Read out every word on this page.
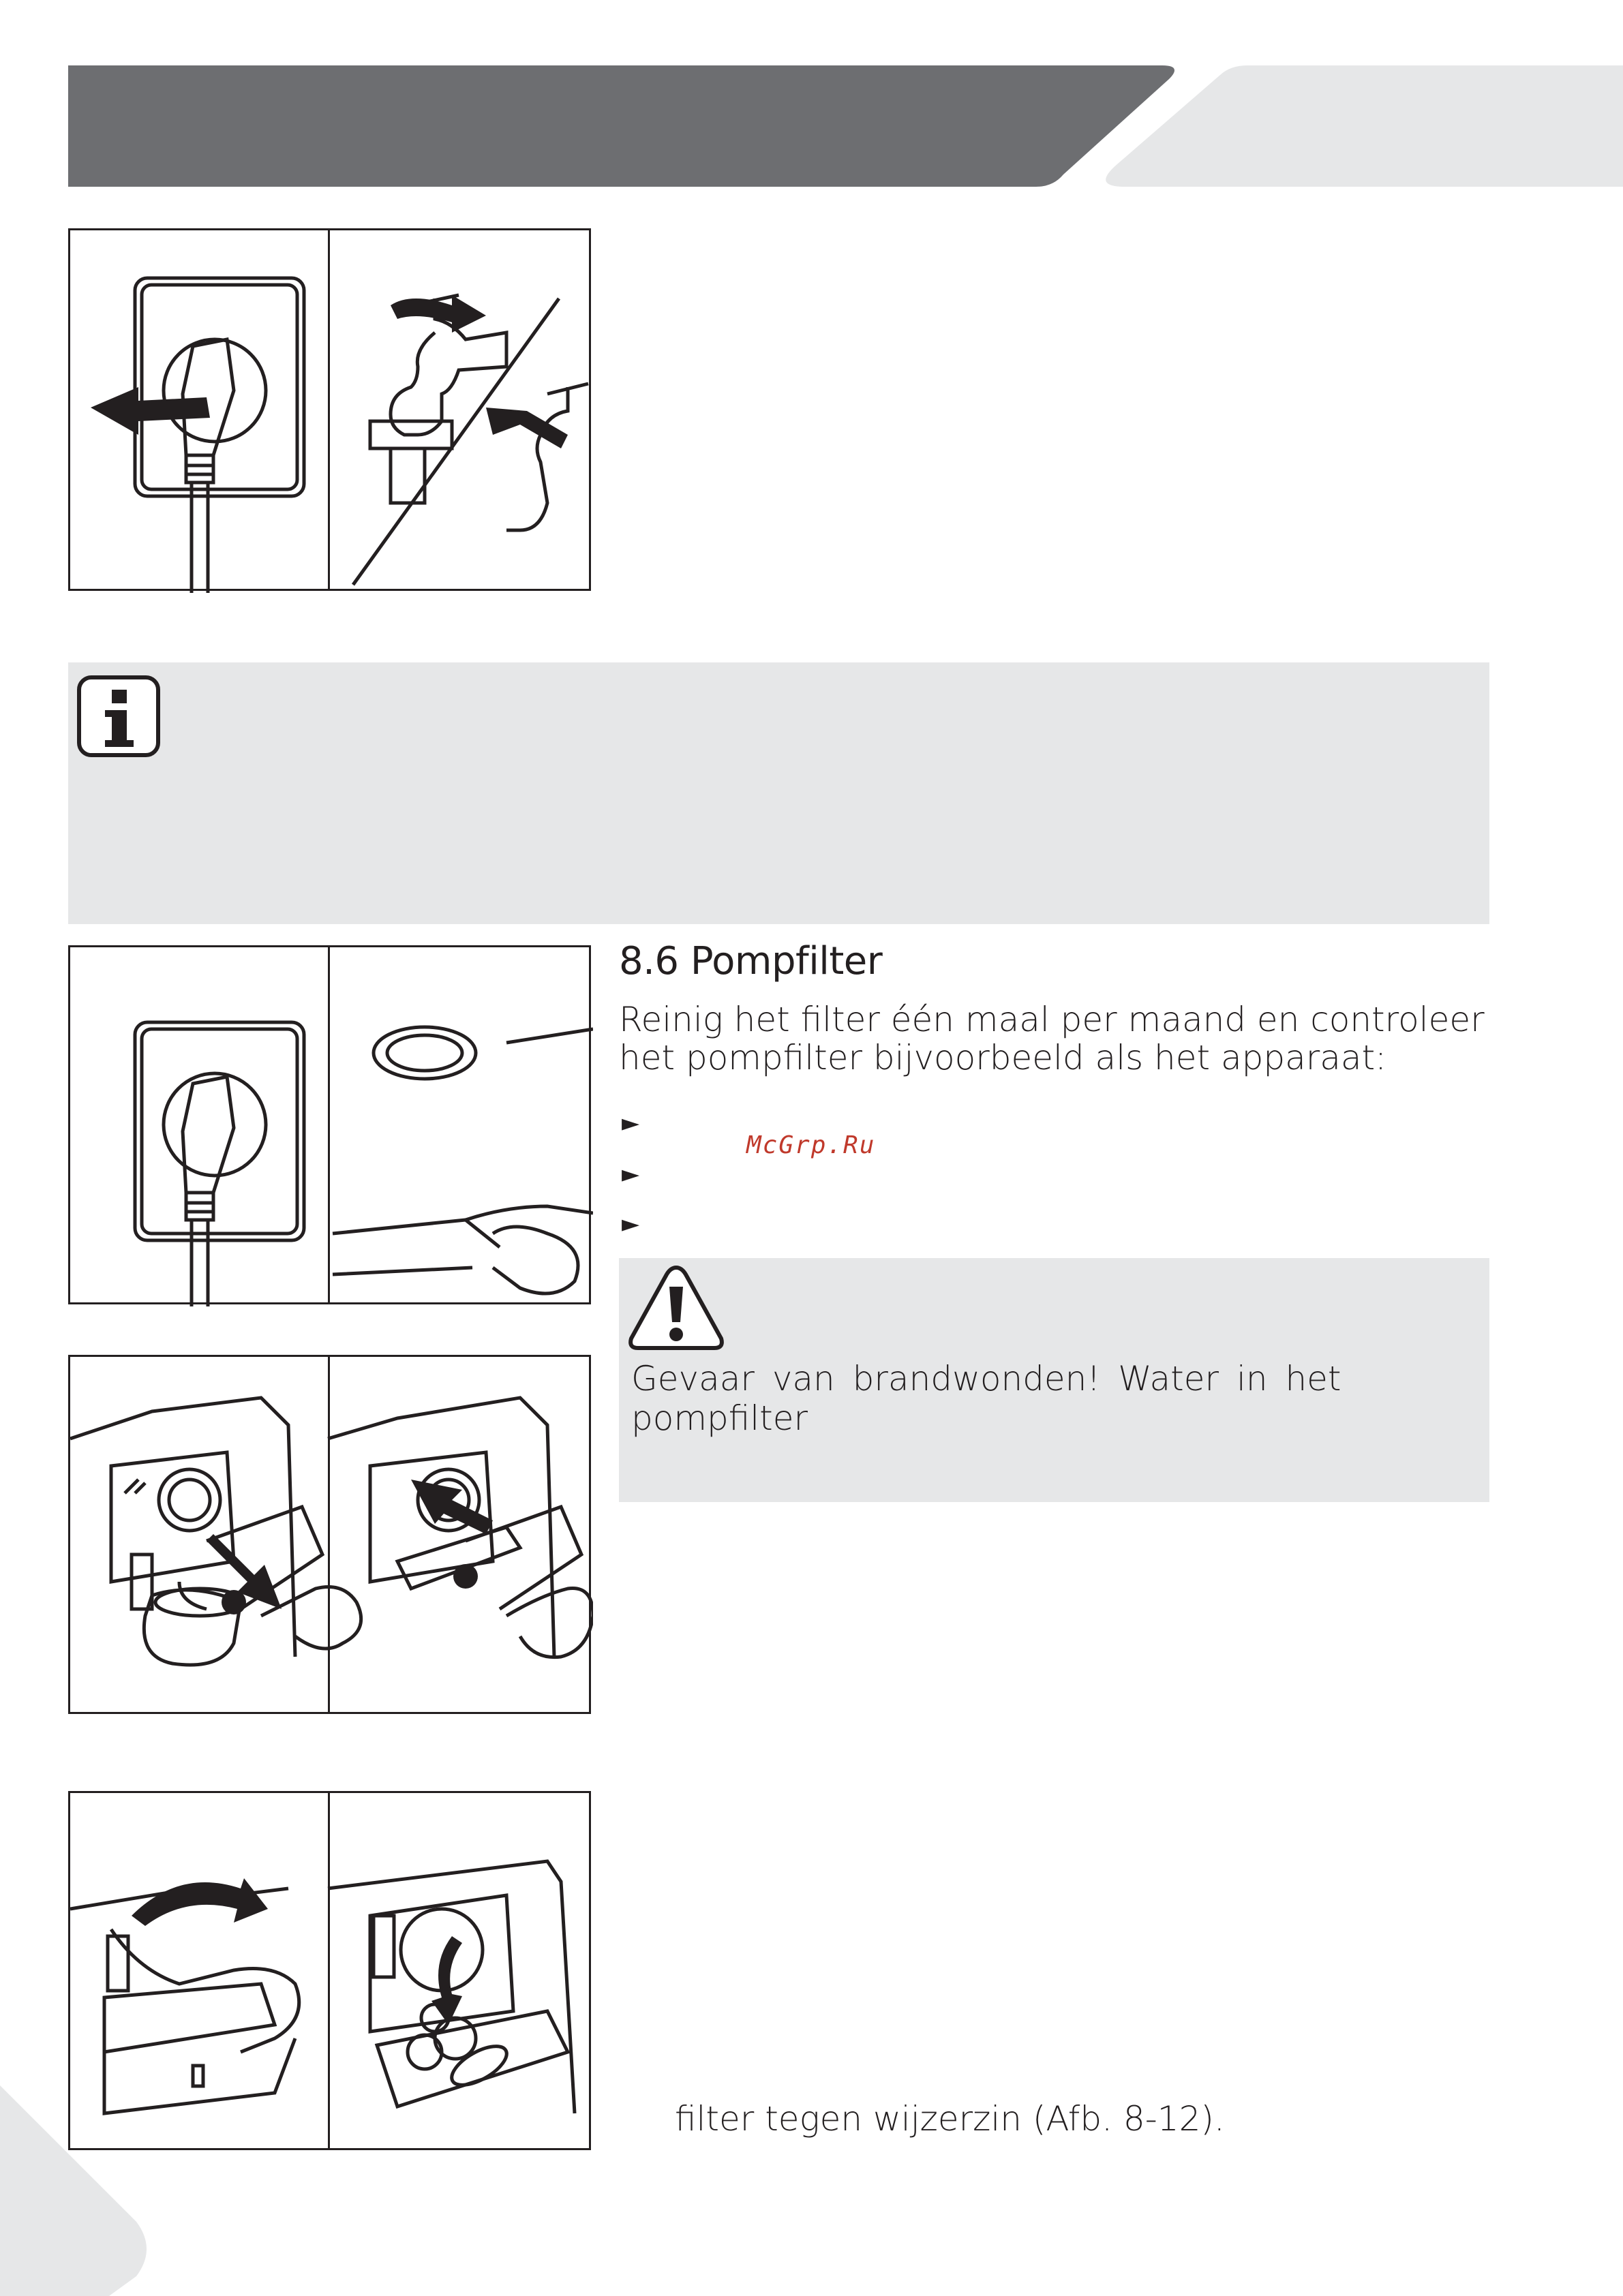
8.6 Pompfilter
Reinig het filter één maal per maand en controleer het pompfilter bijvoorbeeld als het apparaat:
►
►
►
McGrp.Ru
Gevaar van brandwonden! Water in het pompfilter
filter tegen wijzerzin (Afb. 8-12).
